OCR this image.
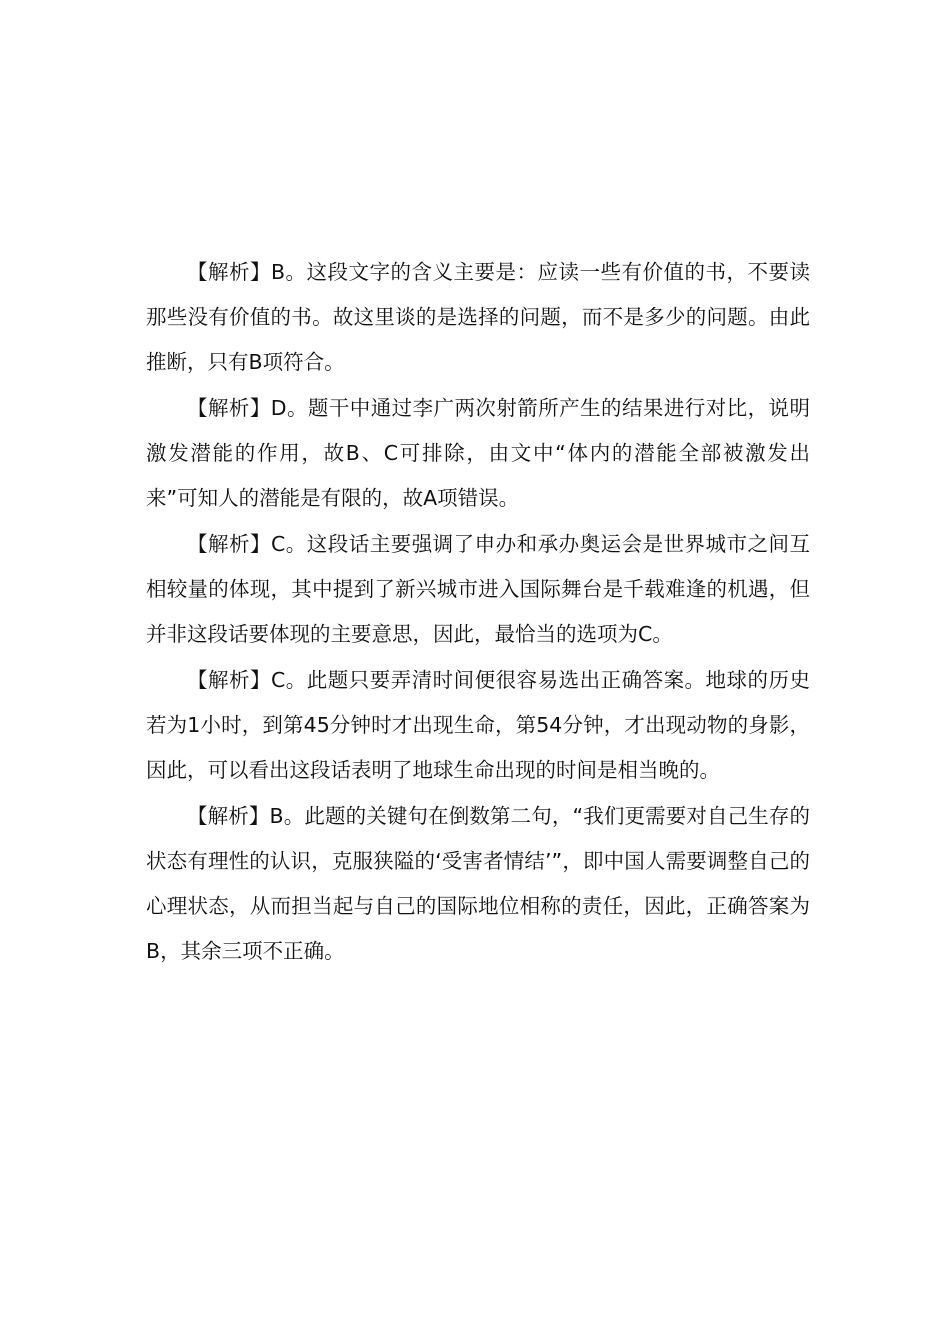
【解析】B。这段文字的含义主要是：应读一些有价值的书，不要读那些没有价值的书。故这里谈的是选择的问题，而不是多少的问题。由此推断，只有B项符合。

【解析】D。题干中通过李广两次射箭所产生的结果进行对比，说明激发潜能的作用，故B、C可排除，由文中“体内的潜能全部被激发出来”可知人的潜能是有限的，故A项错误。

【解析】C。这段话主要强调了申办和承办奥运会是世界城市之间互相较量的体现，其中提到了新兴城市进入国际舞台是千载难逢的机遇，但并非这段话要体现的主要意思，因此，最恰当的选项为C。

【解析】C。此题只要弄清时间便很容易选出正确答案。地球的历史若为1小时，到第45分钟时才出现生命，第54分钟，才出现动物的身影，因此，可以看出这段话表明了地球生命出现的时间是相当晚的。

【解析】B。此题的关键句在倒数第二句，“我们更需要对自己生存的状态有理性的认识，克服狭隘的‘受害者情结’”，即中国人需要调整自己的心理状态，从而担当起与自己的国际地位相称的责任，因此，正确答案为B，其余三项不正确。
